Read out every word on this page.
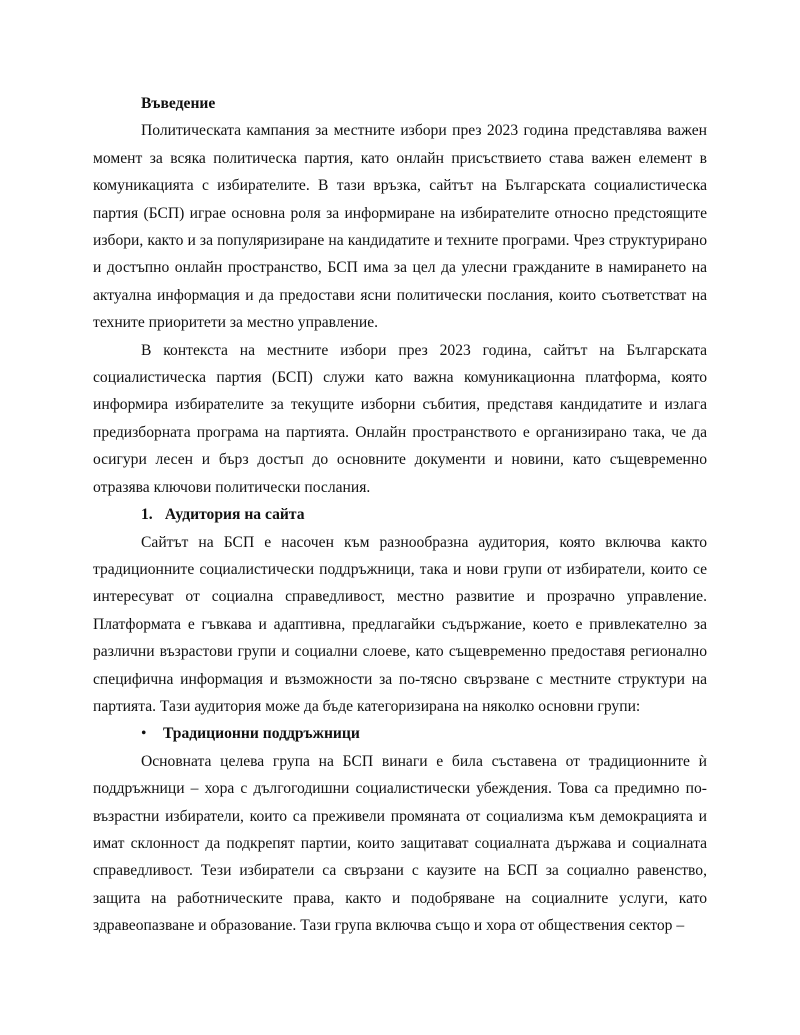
Въведение

Политическата кампания за местните избори през 2023 година представлява важен момент за всяка политическа партия, като онлайн присъствието става важен елемент в комуникацията с избирателите. В тази връзка, сайтът на Българската социалистическа партия (БСП) играе основна роля за информиране на избирателите относно предстоящите избори, както и за популяризиране на кандидатите и техните програми. Чрез структурирано и достъпно онлайн пространство, БСП има за цел да улесни гражданите в намирането на актуална информация и да предостави ясни политически послания, които съответстват на техните приоритети за местно управление.

В контекста на местните избори през 2023 година, сайтът на Българската социалистическа партия (БСП) служи като важна комуникационна платформа, която информира избирателите за текущите изборни събития, представя кандидатите и излага предизборната програма на партията. Онлайн пространството е организирано така, че да осигури лесен и бърз достъп до основните документи и новини, като същевременно отразява ключови политически послания.

1. Аудитория на сайта

Сайтът на БСП е насочен към разнообразна аудитория, която включва както традиционните социалистически поддръжници, така и нови групи от избиратели, които се интересуват от социална справедливост, местно развитие и прозрачно управление. Платформата е гъвкава и адаптивна, предлагайки съдържание, което е привлекателно за различни възрастови групи и социални слоеве, като същевременно предоставя регионално специфична информация и възможности за по-тясно свързване с местните структури на партията. Тази аудитория може да бъде категоризирана на няколко основни групи:

•	Традиционни поддръжници

Основната целева група на БСП винаги е била съставена от традиционните ѝ поддръжници – хора с дългогодишни социалистически убеждения. Това са предимно по-възрастни избиратели, които са преживели промяната от социализма към демокрацията и имат склонност да подкрепят партии, които защитават социалната държава и социалната справедливост. Тези избиратели са свързани с каузите на БСП за социално равенство, защита на работническите права, както и подобряване на социалните услуги, като здравеопазване и образование. Тази група включва също и хора от обществения сектор –
